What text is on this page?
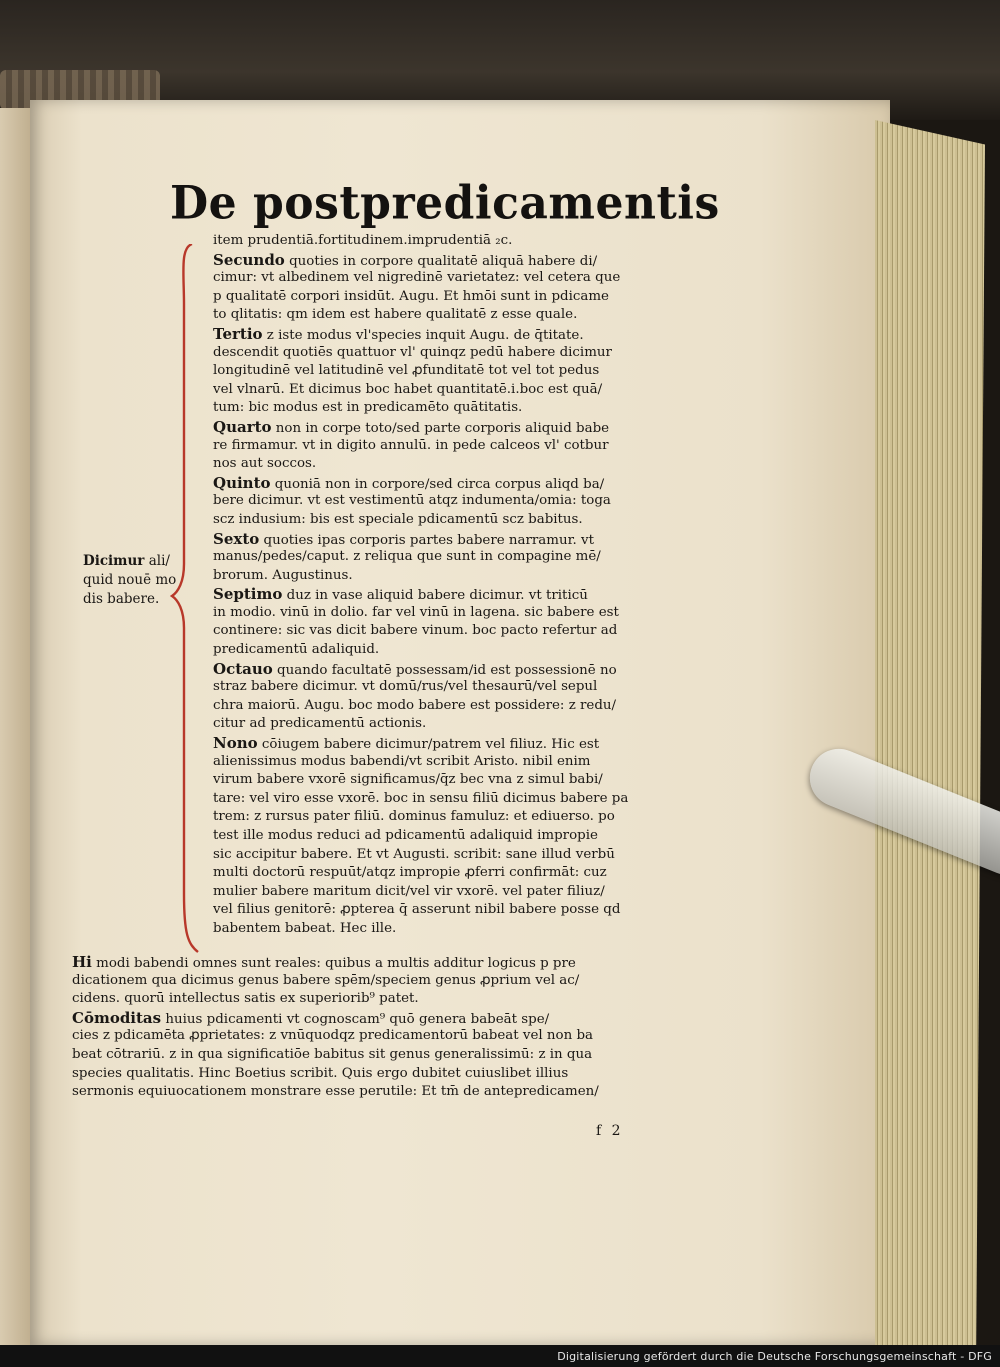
De postpredicamentis
item prudentiā.fortitudinem.imprudentiā ₂c.
Secundo quoties in corpore qualitatē aliquā habere di/
cimur: vt albedinem vel nigredinē varietatez: vel cetera que
p qualitatē corpori insidūt. Augu. Et hmōi sunt in pdicame
to qlitatis: qm idem est habere qualitatē z esse quale.
Tertio z iste modus vl'species inquit Augu. de q̄titate.
descendit quotiēs quattuor vl' quinqz pedū habere dicimur
longitudinē vel latitudinē vel ꝓfunditatē tot vel tot pedus
vel vlnarū. Et dicimus boc habet quantitatē.i.boc est quā/
tum: bic modus est in predicamēto quātitatis.
Quarto non in corpe toto/sed parte corporis aliquid babe
re firmamur. vt in digito annulū. in pede calceos vl' cotbur
nos aut soccos.
Quinto quoniā non in corpore/sed circa corpus aliqd ba/
bere dicimur. vt est vestimentū atqz indumenta/omia: toga
scz indusium: bis est speciale pdicamentū scz babitus.
Sexto quoties ipas corporis partes babere narramur. vt
manus/pedes/caput. z reliqua que sunt in compagine mē/
brorum. Augustinus.
Septimo duz in vase aliquid babere dicimur. vt triticū
in modio. vinū in dolio. far vel vinū in lagena. sic babere est
continere: sic vas dicit babere vinum. boc pacto refertur ad
predicamentū adaliquid.
Octauo quando facultatē possessam/id est possessionē no
straz babere dicimur. vt domū/rus/vel thesaurū/vel sepul
chra maiorū. Augu. boc modo babere est possidere: z redu/
citur ad predicamentū actionis.
Nono cōiugem babere dicimur/patrem vel filiuz. Hic est
alienissimus modus babendi/vt scribit Aristo. nibil enim
virum babere vxorē significamus/q̄z bec vna z simul babi/
tare: vel viro esse vxorē. boc in sensu filiū dicimus babere pa
trem: z rursus pater filiū. dominus famuluz: et ediuerso. po
test ille modus reduci ad pdicamentū adaliquid impropie
sic accipitur babere. Et vt Augusti. scribit: sane illud verbū
multi doctorū respuūt/atqz impropie ꝓferri confirmāt: cuz
mulier babere maritum dicit/vel vir vxorē. vel pater filiuz/
vel filius genitorē: ꝓpterea q̄ asserunt nibil babere posse qd
babentem babeat. Hec ille.
Dicimur ali/
quid nouē mo
dis babere.
Hi modi babendi omnes sunt reales: quibus a multis additur logicus p pre
dicationem qua dicimus genus babere spēm/speciem genus ꝓprium vel ac/
cidens. quorū intellectus satis ex superiorib⁹ patet.
Cōmoditas huius pdicamenti vt cognoscam⁹ quō genera babeāt spe/
cies z pdicamēta ꝓprietates: z vnūquodqz predicamentorū babeat vel non ba
beat cōtrariū. z in qua significatiōe babitus sit genus generalissimū: z in qua
species qualitatis. Hinc Boetius scribit. Quis ergo dubitet cuiuslibet illius
sermonis equiuocationem monstrare esse perutile: Et tm̄ de antepredicamen/
f 2
Digitalisierung gefördert durch die Deutsche Forschungsgemeinschaft - DFG
